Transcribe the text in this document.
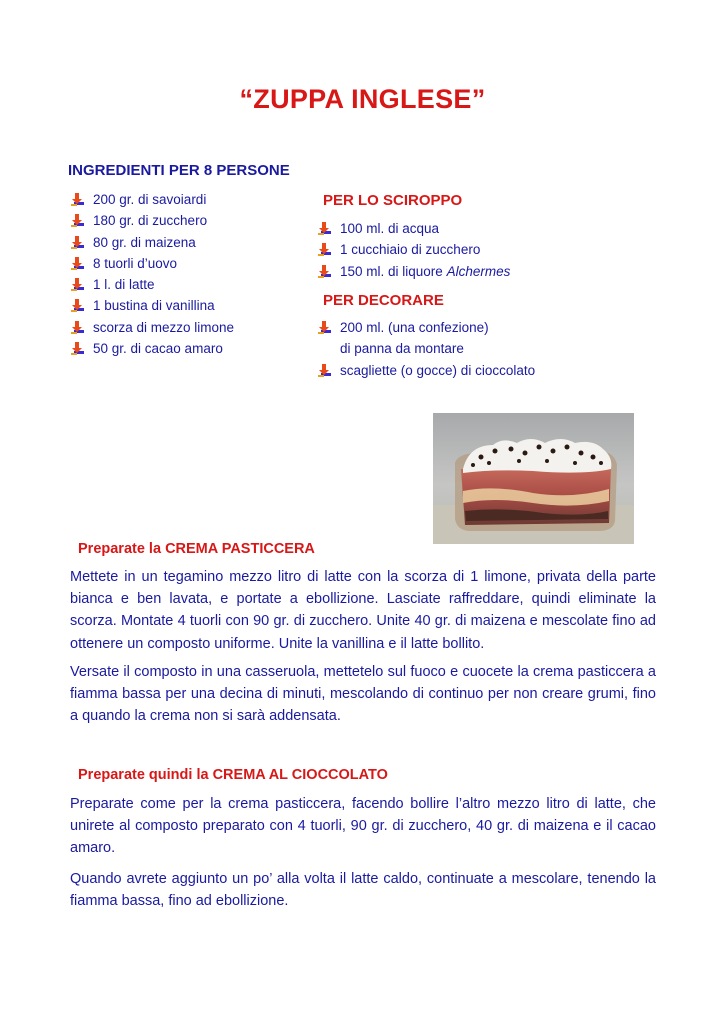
“ZUPPA INGLESE”
INGREDIENTI PER 8 PERSONE
200 gr. di savoiardi
180 gr. di zucchero
80 gr. di maizena
8 tuorli d’uovo
1 l. di latte
1 bustina di vanillina
scorza di mezzo limone
50 gr. di cacao amaro
PER LO SCIROPPO
100 ml. di acqua
1 cucchiaio di zucchero
150 ml. di liquore Alchermes
PER DECORARE
200 ml. (una confezione)
di panna da montare
scagliette (o gocce) di cioccolato
Preparate la CREMA PASTICCERA

Mettete in un tegamino mezzo litro di latte con la scorza di 1 limone, privata della parte
bianca e ben lavata, e portate a ebollizione. Lasciate raffreddare, quindi eliminate la
scorza. Montate 4 tuorli con 90 gr. di zucchero. Unite 40 gr. di maizena e mescolate fino ad
ottenere un composto uniforme. Unite la vanillina e il latte bollito.

Versate il composto in una casseruola, mettetelo sul fuoco e cuocete la crema pasticcera a
fiamma bassa per una decina di minuti, mescolando di continuo per non creare grumi, fino
a quando la crema non si sarà addensata.

Preparate quindi la CREMA AL CIOCCOLATO

Preparate come per la crema pasticcera, facendo bollire l’altro mezzo litro di latte, che
unirete al composto preparato con 4 tuorli, 90 gr. di zucchero, 40 gr. di maizena e il cacao
amaro.

Quando avrete aggiunto un po’ alla volta il latte caldo, continuate a mescolare, tenendo la
fiamma bassa, fino ad ebollizione.
